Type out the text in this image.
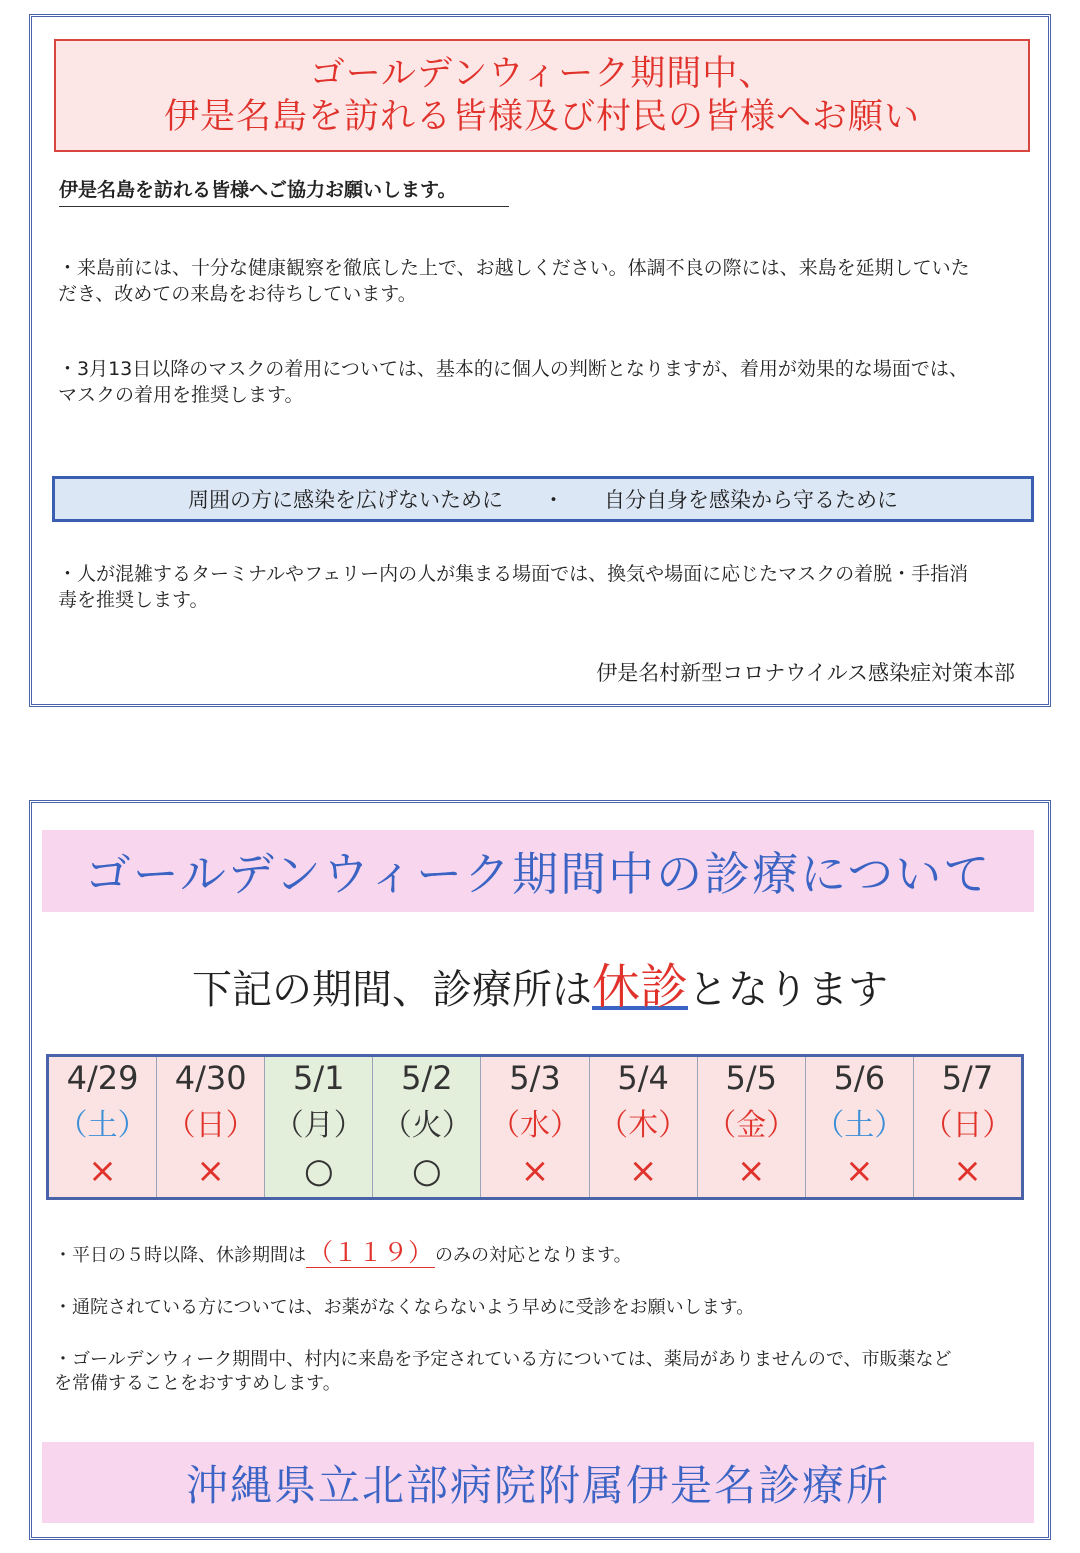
ゴールデンウィーク期間中、
伊是名島を訪れる皆様及び村民の皆様へお願い
伊是名島を訪れる皆様へご協力お願いします。
・来島前には、十分な健康観察を徹底した上で、お越しください。体調不良の際には、来島を延期していただき、改めての来島をお待ちしています。
・3月13日以降のマスクの着用については、基本的に個人の判断となりますが、着用が効果的な場面では、マスクの着用を推奨します。
周囲の方に感染を広げないために ・ 自分自身を感染から守るために
・人が混雑するターミナルやフェリー内の人が集まる場面では、換気や場面に応じたマスクの着脱・手指消毒を推奨します。
伊是名村新型コロナウイルス感染症対策本部
ゴールデンウィーク期間中の診療について
下記の期間、診療所は休診となります
4/29	4/30	5/1	5/2	5/3	5/4	5/5	5/6	5/7
（土）	（日）	（月）	（火）	（水）	（木）	（金）	（土）	（日）
×	×	○	○	×	×	×	×	×
・平日の５時以降、休診期間は（１１９） のみの対応となります。
・通院されている方については、お薬がなくならないよう早めに受診をお願いします。
・ゴールデンウィーク期間中、村内に来島を予定されている方については、薬局がありませんので、市販薬などを常備することをおすすめします。
沖縄県立北部病院附属伊是名診療所
